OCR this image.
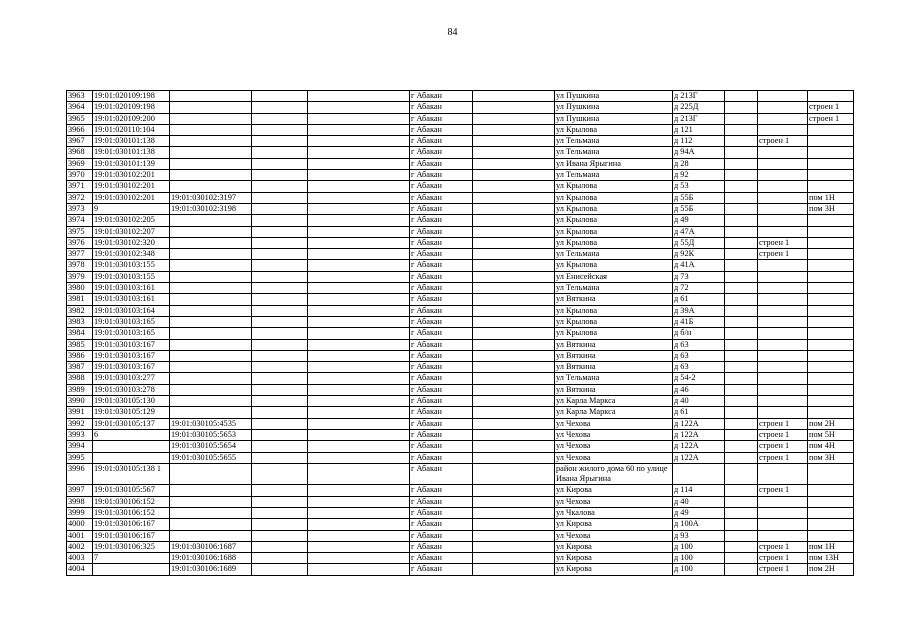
84
3963	19:01:020109:198				г Абакан		ул Пушкина	д 213Г			
3964	19:01:020109:198				г Абакан		ул Пушкина	д 225Д			строен 1
3965	19:01:020109:200				г Абакан		ул Пушкина	д 213Г			строен 1
3966	19:01:020110:104				г Абакан		ул Крылова	д 121			
3967	19:01:030101:138				г Абакан		ул Тельмана	д 112		строен 1	
3968	19:01:030101:138				г Абакан		ул Тельмана	д 94А			
3969	19:01:030101:139				г Абакан		ул Ивана Ярыгина	д 28			
3970	19:01:030102:201				г Абакан		ул Тельмана	д 92			
3971	19:01:030102:201				г Абакан		ул Крылова	д 53			
3972	19:01:030102:201	19:01:030102:3197			г Абакан		ул Крылова	д 55Б			пом 1Н
3973	9	19:01:030102:3198			г Абакан		ул Крылова	д 55Б			пом 3Н
3974	19:01:030102:205				г Абакан		ул Крылова	д 49			
3975	19:01:030102:207				г Абакан		ул Крылова	д 47А			
3976	19:01:030102:320				г Абакан		ул Крылова	д 55Д		строен 1	
3977	19:01:030102:348				г Абакан		ул Тельмана	д 92К		строен 1	
3978	19:01:030103:155				г Абакан		ул Крылова	д 41А			
3979	19:01:030103:155				г Абакан		ул Енисейская	д 73			
3980	19:01:030103:161				г Абакан		ул Тельмана	д 72			
3981	19:01:030103:161				г Абакан		ул Вяткина	д 61			
3982	19:01:030103:164				г Абакан		ул Крылова	д 39А			
3983	19:01:030103:165				г Абакан		ул Крылова	д 41Б			
3984	19:01:030103:165				г Абакан		ул Крылова	д б/н			
3985	19:01:030103:167				г Абакан		ул Вяткина	д 63			
3986	19:01:030103:167				г Абакан		ул Вяткина	д 63			
3987	19:01:030103:167				г Абакан		ул Вяткина	д 63			
3988	19:01:030103:277				г Абакан		ул Тельмана	д 54-2			
3989	19:01:030103:278				г Абакан		ул Вяткина	д 46			
3990	19:01:030105:130				г Абакан		ул Карла Маркса	д 40			
3991	19:01:030105:129				г Абакан		ул Карла Маркса	д 61			
3992	19:01:030105:137	19:01:030105:4535			г Абакан		ул Чехова	д 122А		строен 1	пом 2Н
3993	6	19:01:030105:5653			г Абакан		ул Чехова	д 122А		строен 1	пом 5Н
3994		19:01:030105:5654			г Абакан		ул Чехова	д 122А		строен 1	пом 4Н
3995		19:01:030105:5655			г Абакан		ул Чехова	д 122А		строен 1	пом 3Н
3996	19:01:030105:138 1				г Абакан		район жилого дома 60 по улице Ивана Ярыгина				
3997	19:01:030105:567				г Абакан		ул Кирова	д 114		строен 1	
3998	19:01:030106:152				г Абакан		ул Чехова	д 40			
3999	19:01:030106:152				г Абакан		ул Чкалова	д 49			
4000	19:01:030106:167				г Абакан		ул Кирова	д 100А			
4001	19:01:030106:167				г Абакан		ул Чехова	д 93			
4002	19:01:030106:325	19:01:030106:1687			г Абакан		ул Кирова	д 100		строен 1	пом 1Н
4003	7	19:01:030106:1688			г Абакан		ул Кирова	д 100		строен 1	пом 13Н
4004		19:01:030106:1689			г Абакан		ул Кирова	д 100		строен 1	пом 2Н
